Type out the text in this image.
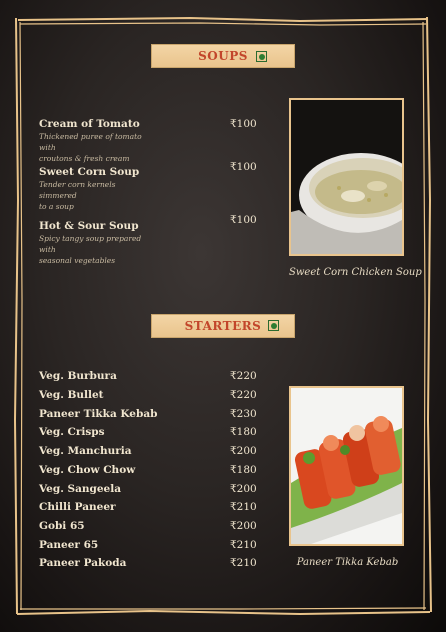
SOUPS
Cream of Tomato
Thickened puree of tomato with
croutons & fresh cream
₹100
Sweet Corn Soup
Tender corn kernels simmered
to a soup
₹100
Hot & Sour Soup
Spicy tangy soup prepared with
seasonal vegetables
₹100
Sweet Corn Chicken Soup
STARTERS
Veg. Burbura	₹220
Veg. Bullet	₹220
Paneer Tikka Kebab	₹230
Veg. Crisps	₹180
Veg. Manchuria	₹200
Veg. Chow Chow	₹180
Veg. Sangeela	₹200
Chilli Paneer	₹210
Gobi 65	₹200
Paneer 65	₹210
Paneer Pakoda	₹210	Paneer Tikka Kebab
